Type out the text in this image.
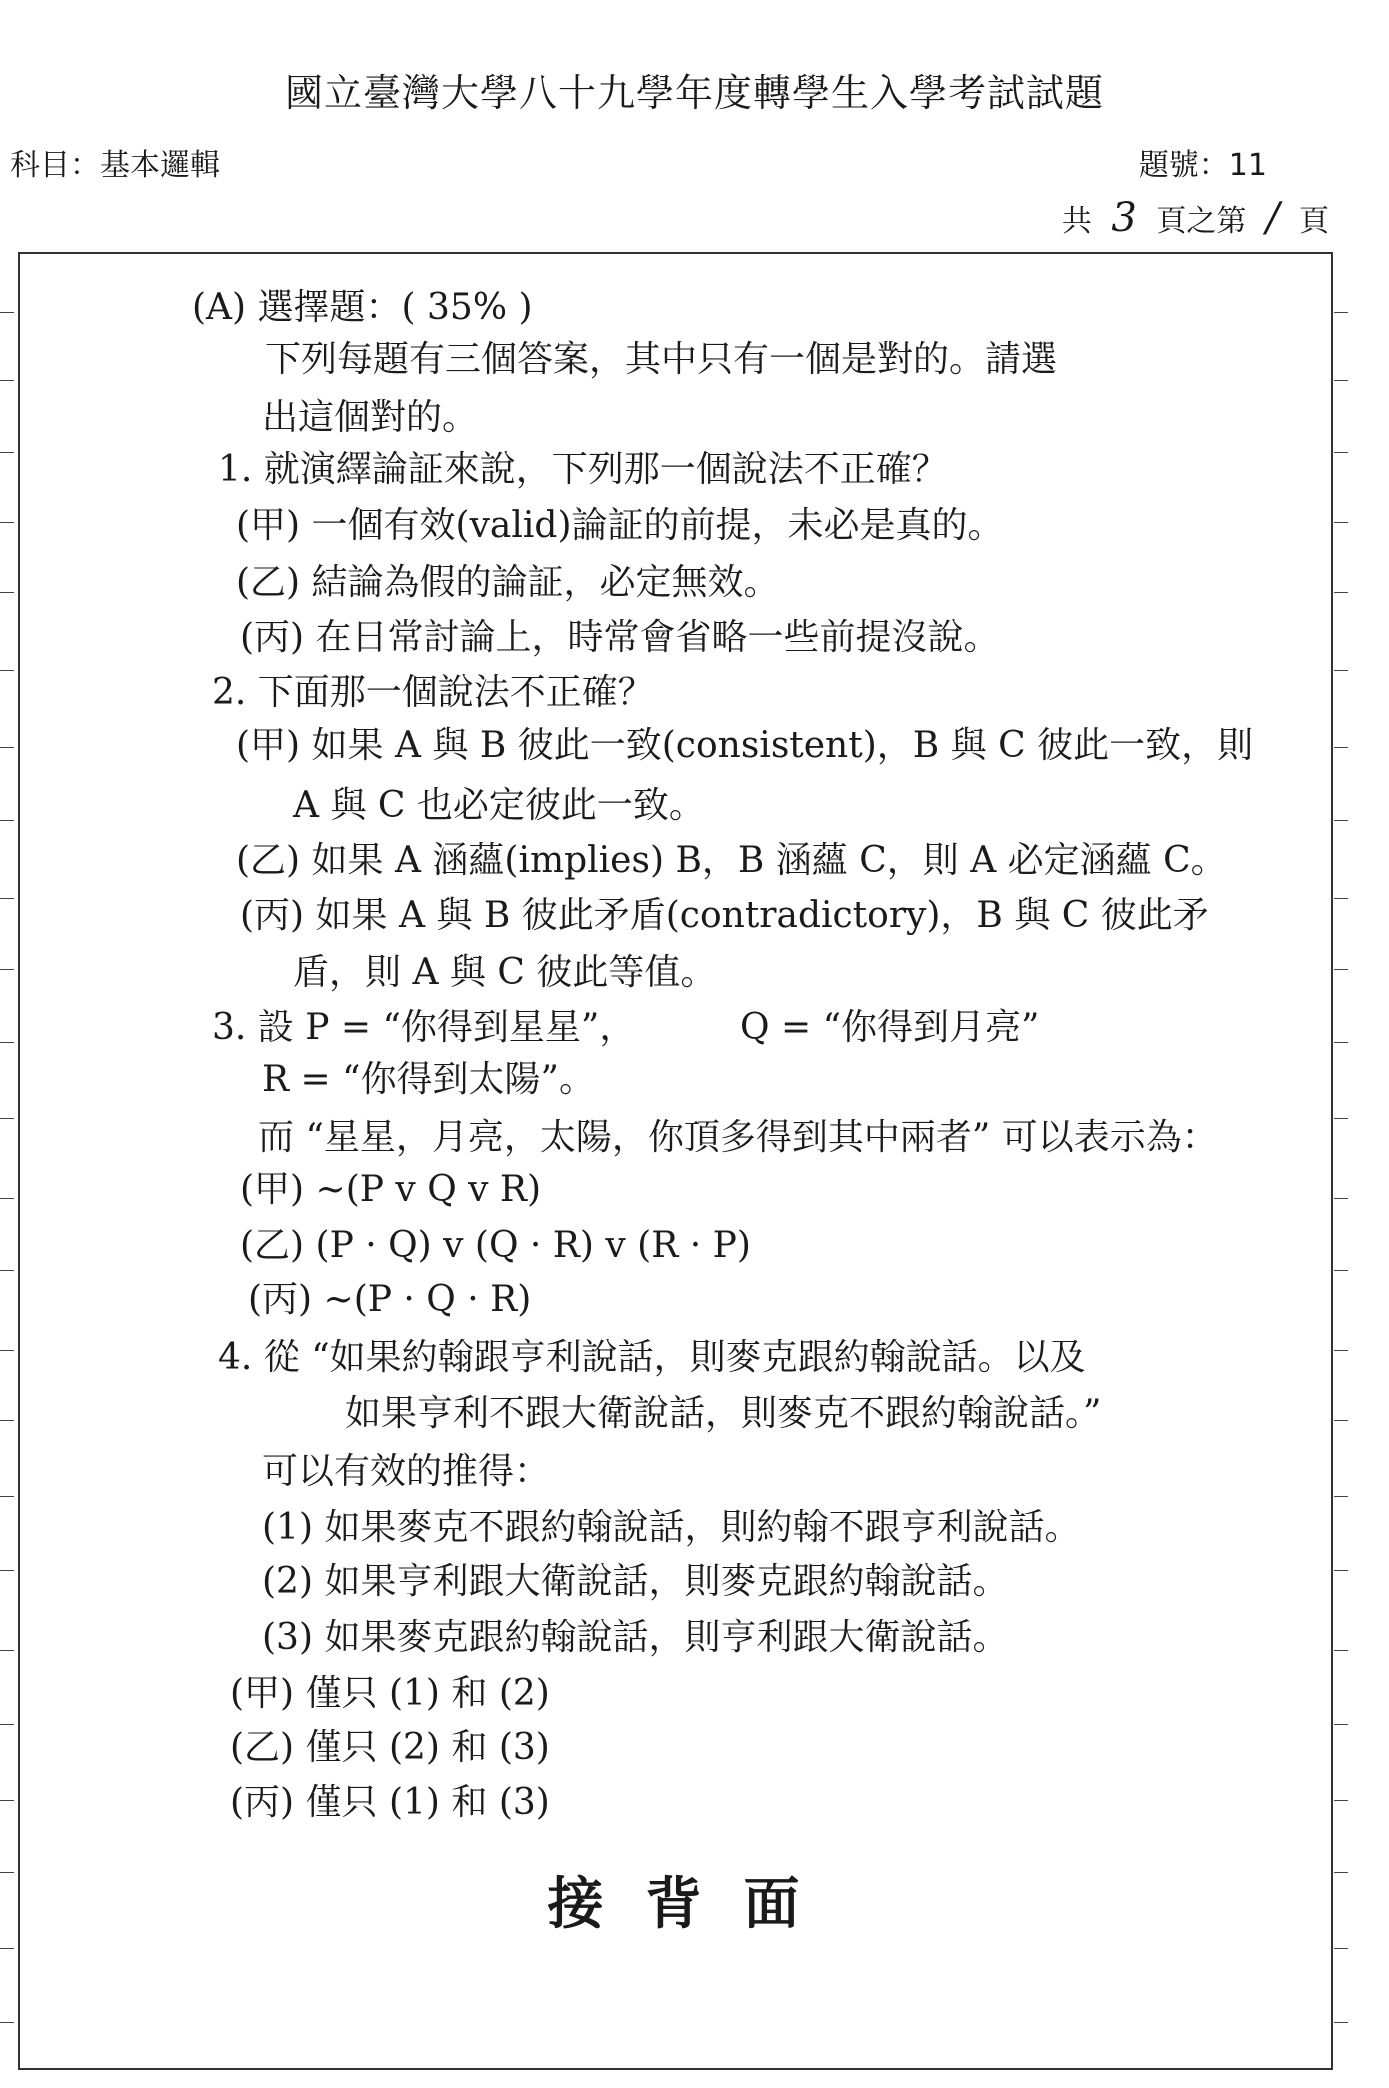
國立臺灣大學八十九學年度轉學生入學考試試題
科目：基本邏輯	題號：11
共 3 頁之第 / 頁
(A) 選擇題：( 35% )
下列每題有三個答案，其中只有一個是對的。請選
出這個對的。
1. 就演繹論証來說，下列那一個說法不正確？
(甲) 一個有效(valid)論証的前提，未必是真的。
(乙) 結論為假的論証，必定無效。
(丙) 在日常討論上，時常會省略一些前提沒說。
2. 下面那一個說法不正確？
(甲) 如果 A 與 B 彼此一致(consistent)，B 與 C 彼此一致，則
A 與 C 也必定彼此一致。
(乙) 如果 A 涵蘊(implies) B，B 涵蘊 C，則 A 必定涵蘊 C。
(丙) 如果 A 與 B 彼此矛盾(contradictory)，B 與 C 彼此矛
盾，則 A 與 C 彼此等值。
3. 設 P = “你得到星星”，	Q = “你得到月亮”
R = “你得到太陽”。
而 “星星，月亮，太陽，你頂多得到其中兩者” 可以表示為：
(甲) ~(P v Q v R)
(乙) (P · Q) v (Q · R) v (R · P)
(丙) ~(P · Q · R)
4. 從 “如果約翰跟亨利說話，則麥克跟約翰說話。以及
如果亨利不跟大衛說話，則麥克不跟約翰說話。”
可以有效的推得：
(1) 如果麥克不跟約翰說話，則約翰不跟亨利說話。
(2) 如果亨利跟大衛說話，則麥克跟約翰說話。
(3) 如果麥克跟約翰說話，則亨利跟大衛說話。
(甲) 僅只 (1) 和 (2)
(乙) 僅只 (2) 和 (3)
(丙) 僅只 (1) 和 (3)
接背面
